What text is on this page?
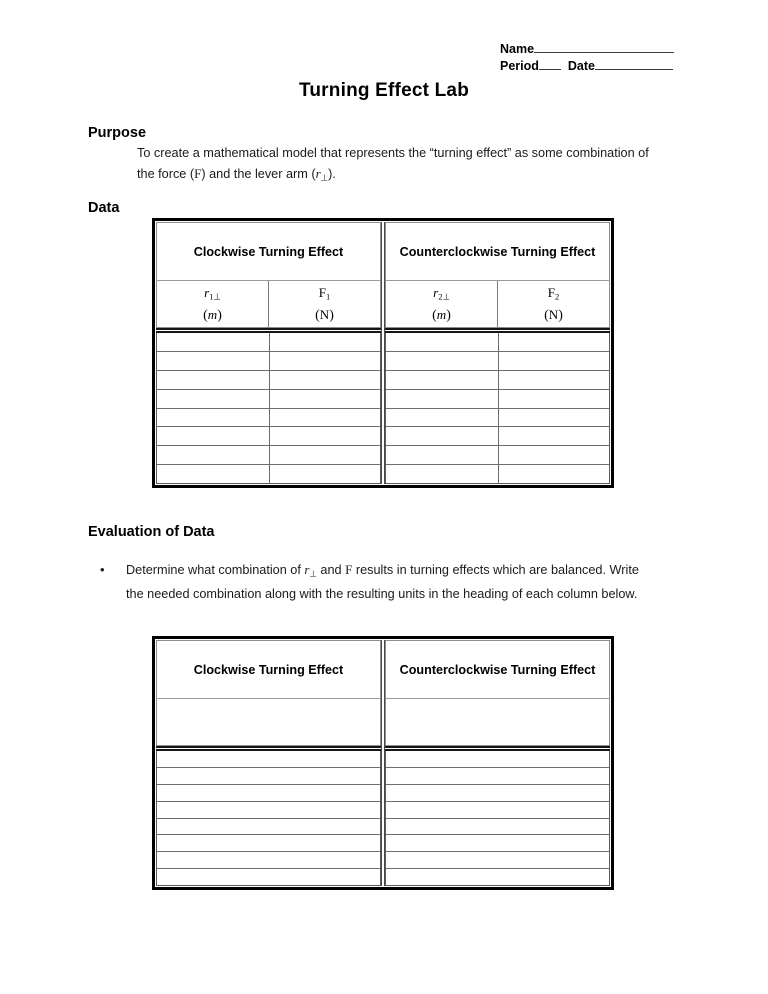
Name
Period Date
Turning Effect Lab
Purpose
To create a mathematical model that represents the “turning effect” as some combination of the force (F) and the lever arm (r⊥).
Data
Clockwise Turning Effect
$r_{1\perp}$
(m)
$F_1$
(N)
Counterclockwise Turning Effect
$r_{2\perp}$
(m)
$F_2$
(N)
Evaluation of Data
•	Determine what combination of r⊥ and F results in turning effects which are balanced. Write the needed combination along with the resulting units in the heading of each column below.
Clockwise Turning Effect	Counterclockwise Turning Effect
